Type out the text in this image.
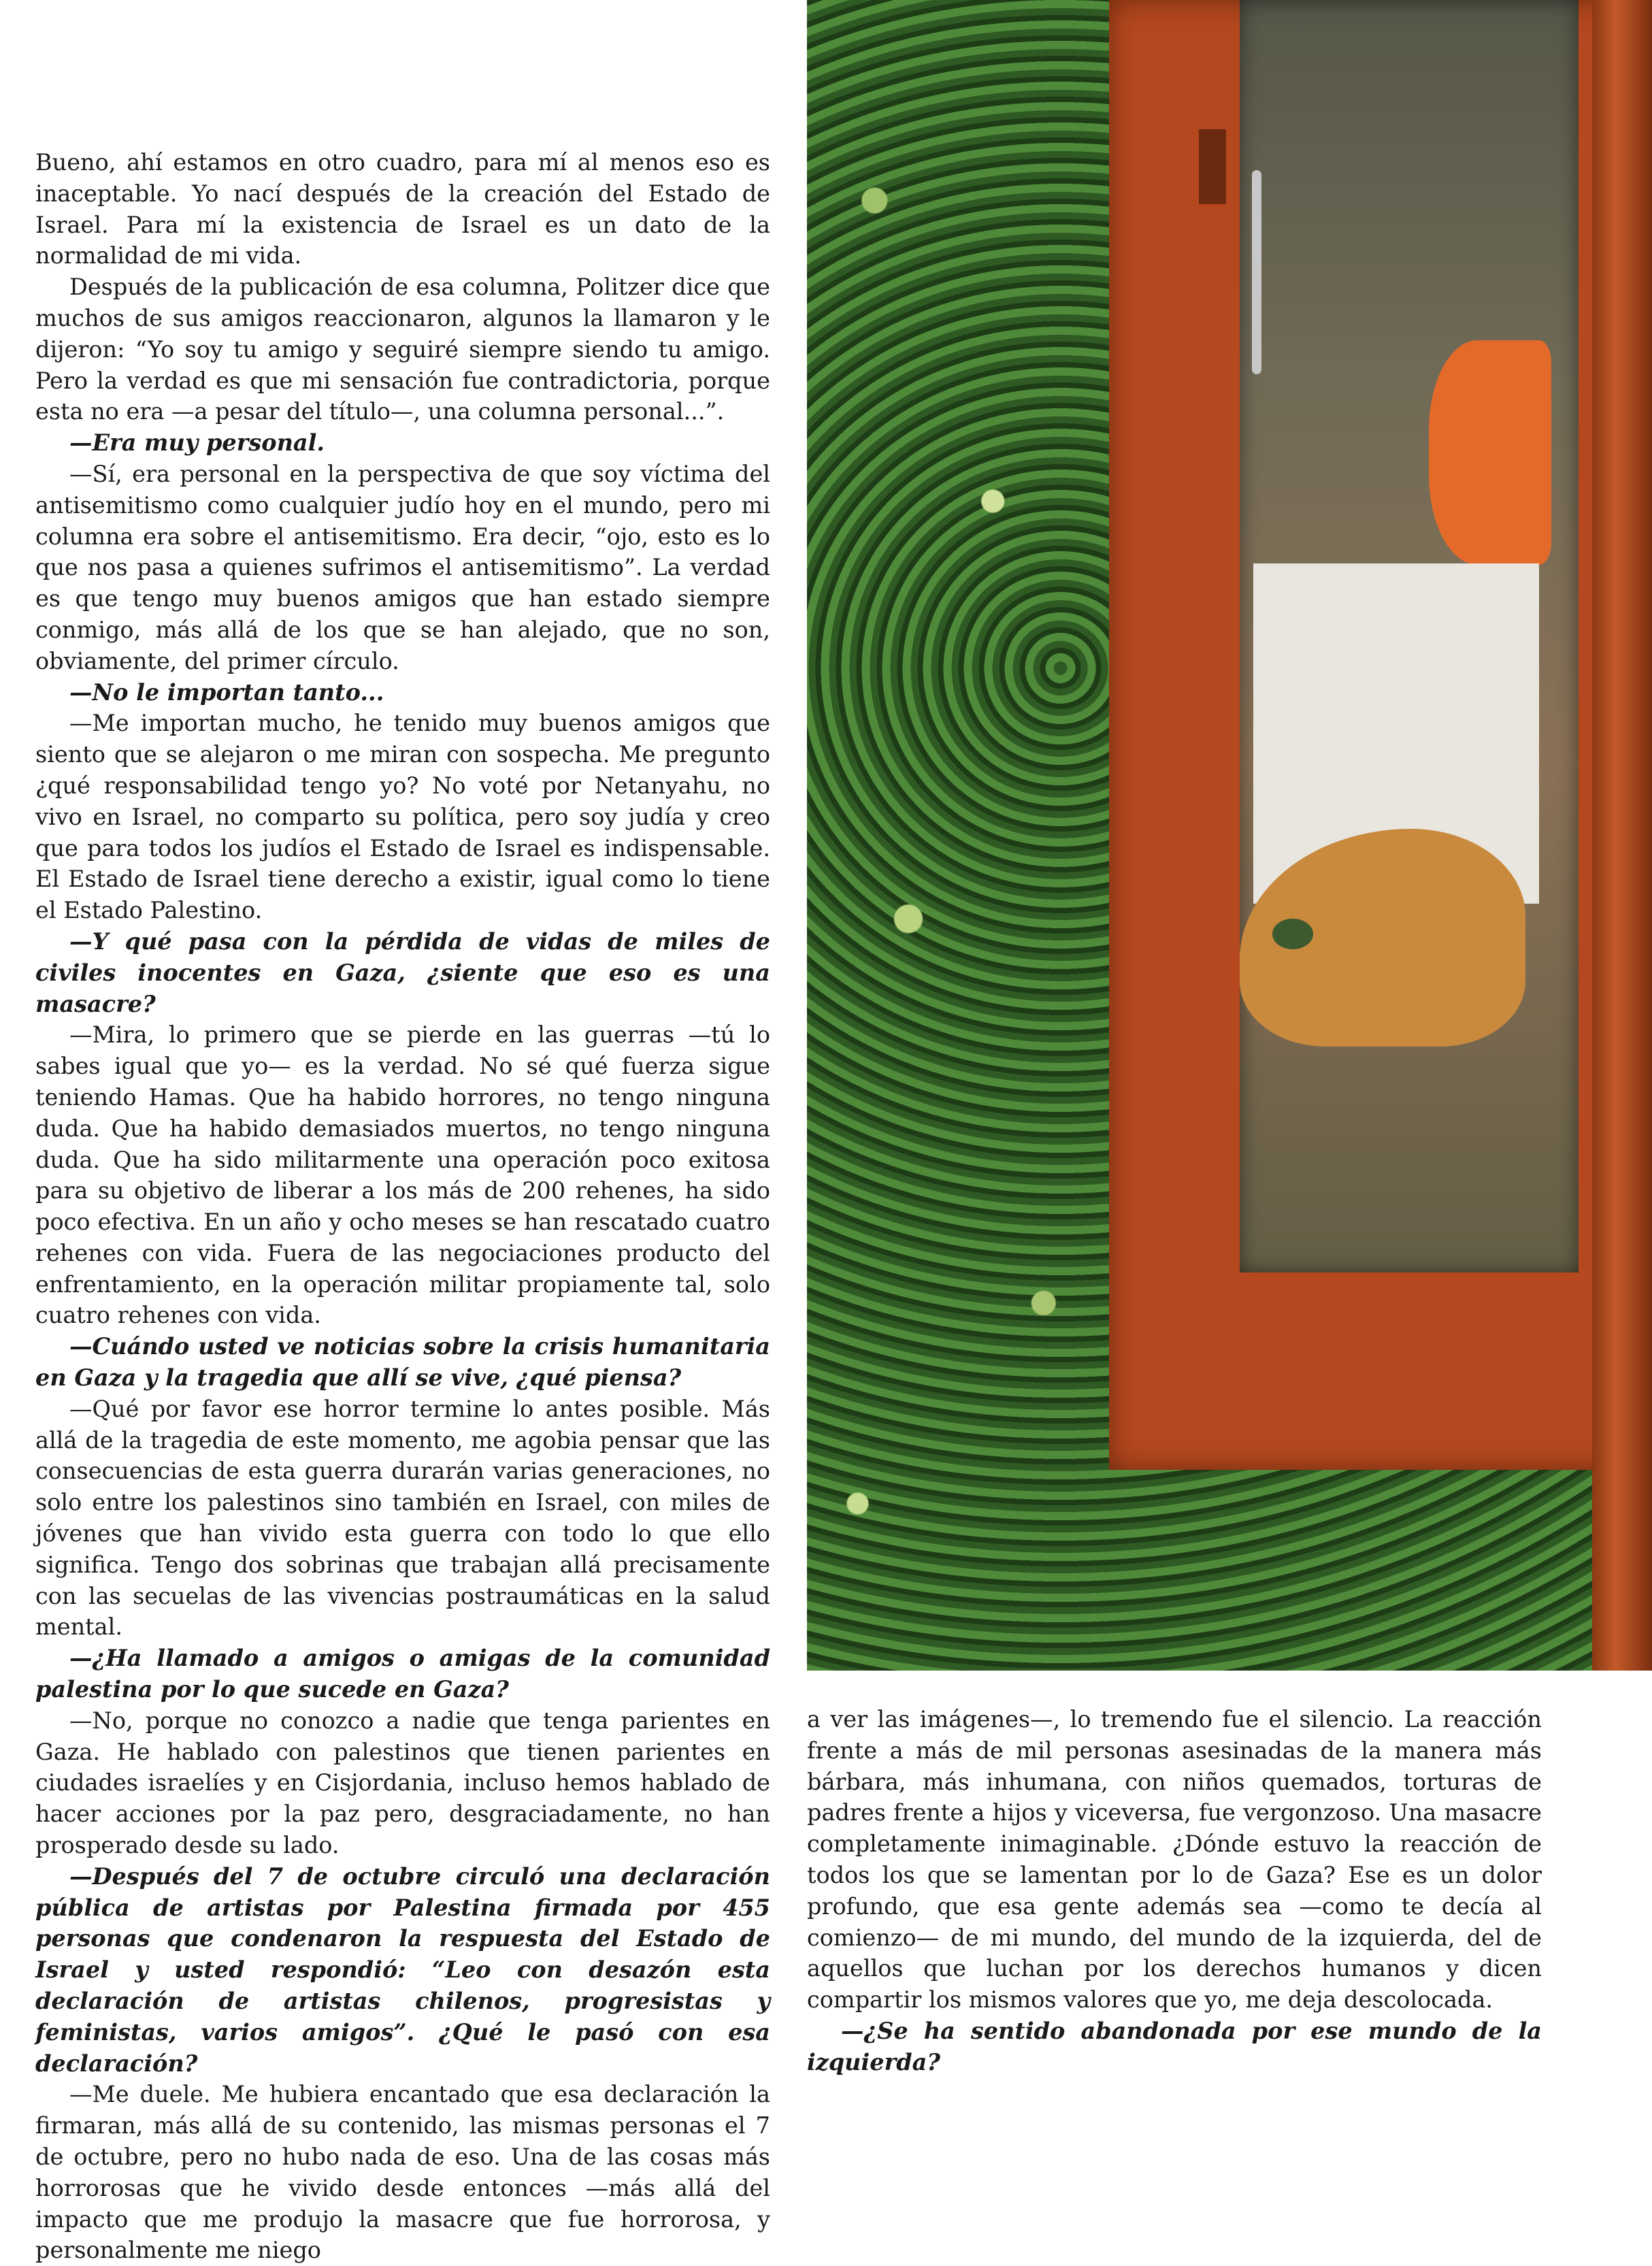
Bueno, ahí estamos en otro cuadro, para mí al menos eso es inaceptable. Yo nací después de la creación del Estado de Israel. Para mí la existencia de Israel es un dato de la normalidad de mi vida.

Después de la publicación de esa columna, Politzer dice que muchos de sus amigos reaccionaron, algunos la llamaron y le dijeron: “Yo soy tu amigo y seguiré siempre siendo tu amigo. Pero la verdad es que mi sensación fue contradictoria, porque esta no era —a pesar del título—, una columna personal...”.

—Era muy personal.

—Sí, era personal en la perspectiva de que soy víctima del antisemitismo como cualquier judío hoy en el mundo, pero mi columna era sobre el antisemitismo. Era decir, “ojo, esto es lo que nos pasa a quienes sufrimos el antisemitismo”. La verdad es que tengo muy buenos amigos que han estado siempre conmigo, más allá de los que se han alejado, que no son, obviamente, del primer círculo.

—No le importan tanto...

—Me importan mucho, he tenido muy buenos amigos que siento que se alejaron o me miran con sospecha. Me pregunto ¿qué responsabilidad tengo yo? No voté por Netanyahu, no vivo en Israel, no comparto su política, pero soy judía y creo que para todos los judíos el Estado de Israel es indispensable. El Estado de Israel tiene derecho a existir, igual como lo tiene el Estado Palestino.

—Y qué pasa con la pérdida de vidas de miles de civiles inocentes en Gaza, ¿siente que eso es una masacre?

—Mira, lo primero que se pierde en las guerras —tú lo sabes igual que yo— es la verdad. No sé qué fuerza sigue teniendo Hamas. Que ha habido horrores, no tengo ninguna duda. Que ha habido demasiados muertos, no tengo ninguna duda. Que ha sido militarmente una operación poco exitosa para su objetivo de liberar a los más de 200 rehenes, ha sido poco efectiva. En un año y ocho meses se han rescatado cuatro rehenes con vida. Fuera de las negociaciones producto del enfrentamiento, en la operación militar propiamente tal, solo cuatro rehenes con vida.

—Cuándo usted ve noticias sobre la crisis humanitaria en Gaza y la tragedia que allí se vive, ¿qué piensa?

—Qué por favor ese horror termine lo antes posible. Más allá de la tragedia de este momento, me agobia pensar que las consecuencias de esta guerra durarán varias generaciones, no solo entre los palestinos sino también en Israel, con miles de jóvenes que han vivido esta guerra con todo lo que ello significa. Tengo dos sobrinas que trabajan allá precisamente con las secuelas de las vivencias postraumáticas en la salud mental.

—¿Ha llamado a amigos o amigas de la comunidad palestina por lo que sucede en Gaza?

—No, porque no conozco a nadie que tenga parientes en Gaza. He hablado con palestinos que tienen parientes en ciudades israelíes y en Cisjordania, incluso hemos hablado de hacer acciones por la paz pero, desgraciadamente, no han prosperado desde su lado.

—Después del 7 de octubre circuló una declaración pública de artistas por Palestina firmada por 455 personas que condenaron la respuesta del Estado de Israel y usted respondió: “Leo con desazón esta declaración de artistas chilenos, progresistas y feministas, varios amigos”. ¿Qué le pasó con esa declaración?

—Me duele. Me hubiera encantado que esa declaración la firmaran, más allá de su contenido, las mismas personas el 7 de octubre, pero no hubo nada de eso. Una de las cosas más horrorosas que he vivido desde entonces —más allá del impacto que me produjo la masacre que fue horrorosa, y personalmente me niego

a ver las imágenes—, lo tremendo fue el silencio. La reacción frente a más de mil personas asesinadas de la manera más bárbara, más inhumana, con niños quemados, torturas de padres frente a hijos y viceversa, fue vergonzoso. Una masacre completamente inimaginable. ¿Dónde estuvo la reacción de todos los que se lamentan por lo de Gaza? Ese es un dolor profundo, que esa gente además sea —como te decía al comienzo— de mi mundo, del mundo de la izquierda, del de aquellos que luchan por los derechos humanos y dicen compartir los mismos valores que yo, me deja descolocada.

—¿Se ha sentido abandonada por ese mundo de la izquierda?
